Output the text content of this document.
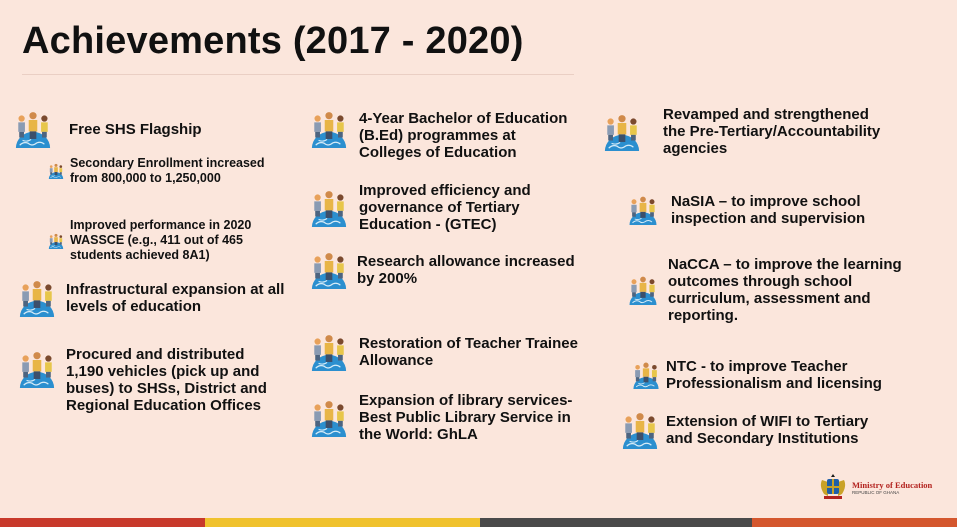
Achievements (2017 - 2020)
Free SHS Flagship
Secondary Enrollment increased
from 800,000 to 1,250,000
Improved performance in 2020
WASSCE (e.g., 411 out of 465
students achieved 8A1)
Infrastructural expansion at all
levels of education
Procured and distributed
1,190 vehicles (pick up and
buses) to SHSs, District and
Regional Education Offices
4-Year Bachelor of Education
(B.Ed) programmes at
Colleges of Education
Improved efficiency and
governance of Tertiary
Education - (GTEC)
Research allowance increased
by 200%
Restoration of Teacher Trainee
Allowance
Expansion of library services-
Best Public Library Service in
the World: GhLA
Revamped and strengthened
the Pre-Tertiary/Accountability
agencies
NaSIA – to improve school
inspection and supervision
NaCCA – to improve the learning
outcomes through school
curriculum, assessment and
reporting.
NTC - to improve Teacher
Professionalism and licensing
Extension of WIFI to Tertiary
and Secondary Institutions
Ministry of Education
REPUBLIC OF GHANA
